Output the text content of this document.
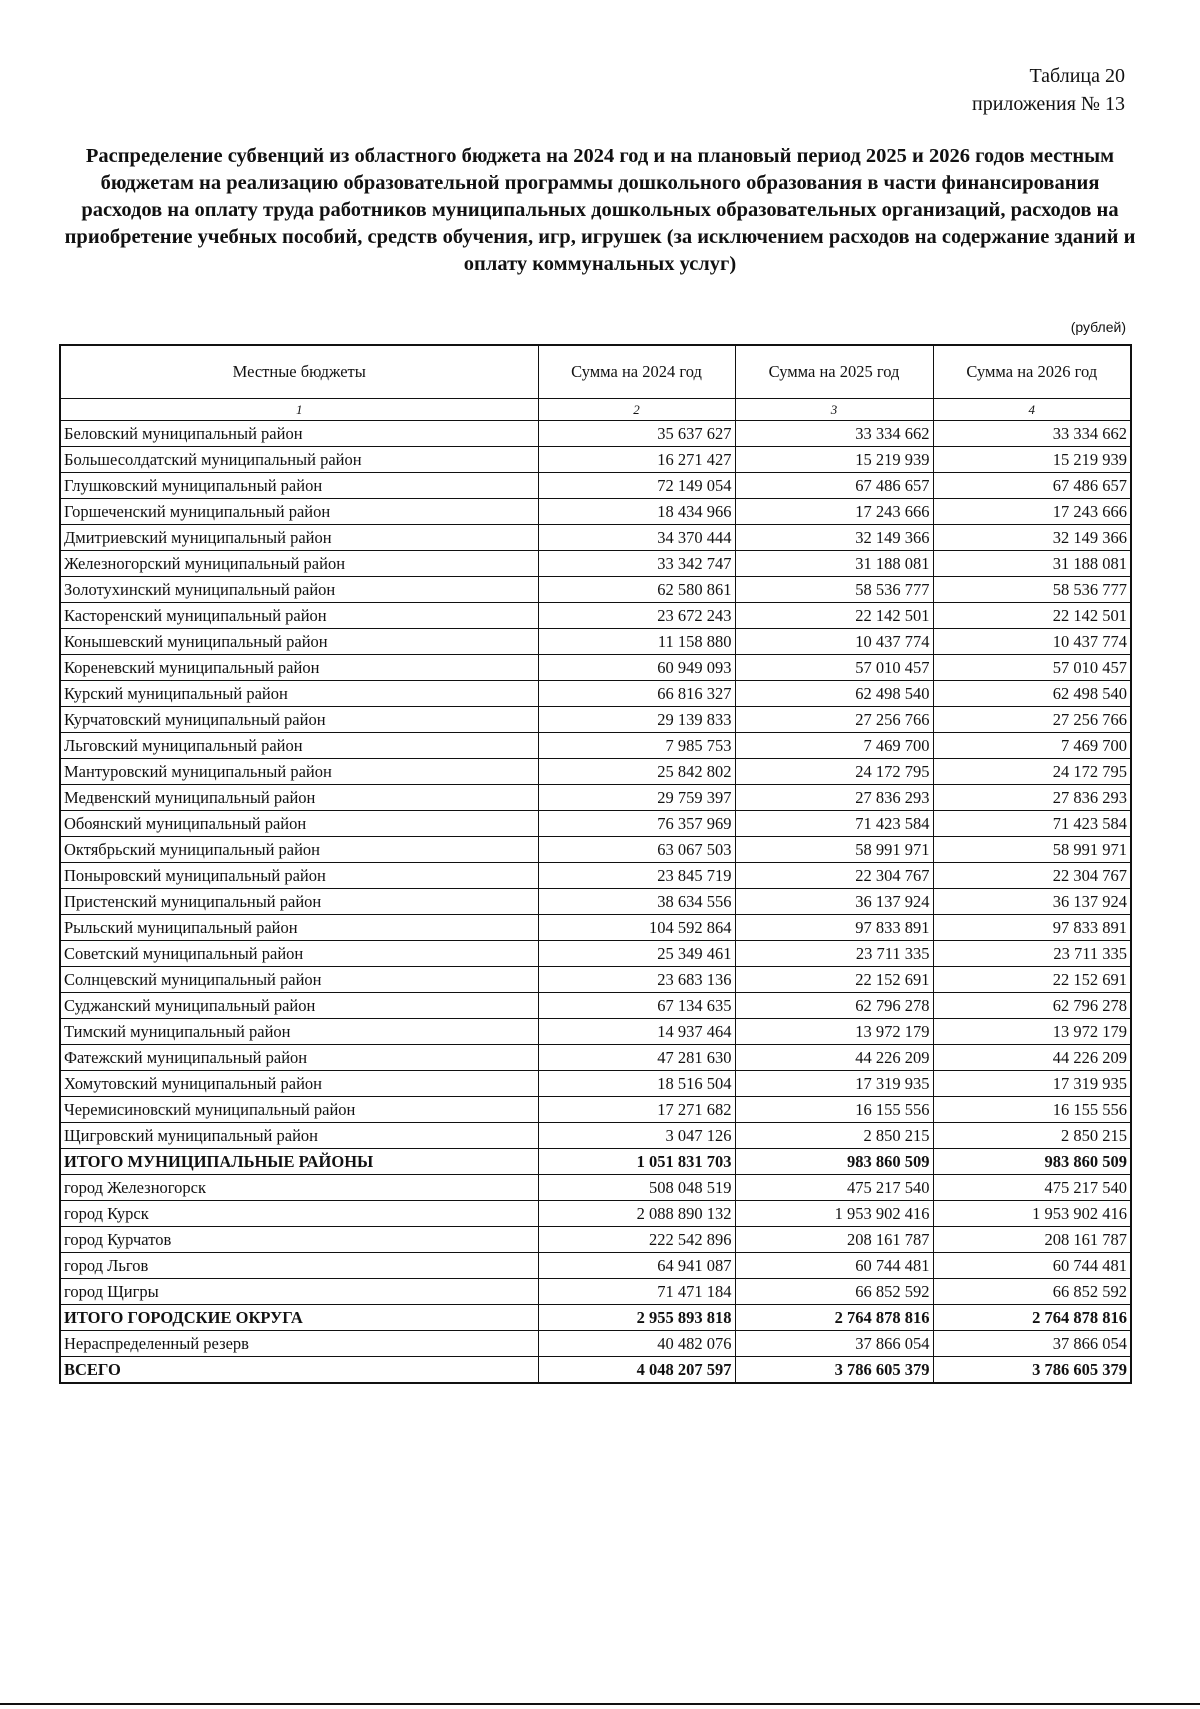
Таблица 20
приложения № 13
Распределение субвенций из областного бюджета на 2024 год и на плановый период 2025 и 2026 годов местным бюджетам на реализацию образовательной программы дошкольного образования в части финансирования расходов на оплату труда работников муниципальных дошкольных образовательных организаций, расходов на приобретение учебных пособий, средств обучения, игр, игрушек (за исключением расходов на содержание зданий и оплату коммунальных услуг)
(рублей)
Местные бюджеты	Сумма на 2024 год	Сумма на 2025 год	Сумма на 2026 год
1	2	3	4
Беловский муниципальный район	35 637 627	33 334 662	33 334 662
Большесолдатский муниципальный район	16 271 427	15 219 939	15 219 939
Глушковский муниципальный район	72 149 054	67 486 657	67 486 657
Горшеченский муниципальный район	18 434 966	17 243 666	17 243 666
Дмитриевский муниципальный район	34 370 444	32 149 366	32 149 366
Железногорский муниципальный район	33 342 747	31 188 081	31 188 081
Золотухинский муниципальный район	62 580 861	58 536 777	58 536 777
Касторенский муниципальный район	23 672 243	22 142 501	22 142 501
Конышевский муниципальный район	11 158 880	10 437 774	10 437 774
Кореневский муниципальный район	60 949 093	57 010 457	57 010 457
Курский муниципальный район	66 816 327	62 498 540	62 498 540
Курчатовский муниципальный район	29 139 833	27 256 766	27 256 766
Льговский муниципальный район	7 985 753	7 469 700	7 469 700
Мантуровский муниципальный район	25 842 802	24 172 795	24 172 795
Медвенский муниципальный район	29 759 397	27 836 293	27 836 293
Обоянский муниципальный район	76 357 969	71 423 584	71 423 584
Октябрьский муниципальный район	63 067 503	58 991 971	58 991 971
Поныровский муниципальный район	23 845 719	22 304 767	22 304 767
Пристенский муниципальный район	38 634 556	36 137 924	36 137 924
Рыльский муниципальный район	104 592 864	97 833 891	97 833 891
Советский муниципальный район	25 349 461	23 711 335	23 711 335
Солнцевский муниципальный район	23 683 136	22 152 691	22 152 691
Суджанский муниципальный район	67 134 635	62 796 278	62 796 278
Тимский муниципальный район	14 937 464	13 972 179	13 972 179
Фатежский муниципальный район	47 281 630	44 226 209	44 226 209
Хомутовский муниципальный район	18 516 504	17 319 935	17 319 935
Черемисиновский муниципальный район	17 271 682	16 155 556	16 155 556
Щигровский муниципальный район	3 047 126	2 850 215	2 850 215
ИТОГО МУНИЦИПАЛЬНЫЕ РАЙОНЫ	1 051 831 703	983 860 509	983 860 509
город Железногорск	508 048 519	475 217 540	475 217 540
город Курск	2 088 890 132	1 953 902 416	1 953 902 416
город Курчатов	222 542 896	208 161 787	208 161 787
город Льгов	64 941 087	60 744 481	60 744 481
город Щигры	71 471 184	66 852 592	66 852 592
ИТОГО ГОРОДСКИЕ ОКРУГА	2 955 893 818	2 764 878 816	2 764 878 816
Нераспределенный резерв	40 482 076	37 866 054	37 866 054
ВСЕГО	4 048 207 597	3 786 605 379	3 786 605 379
